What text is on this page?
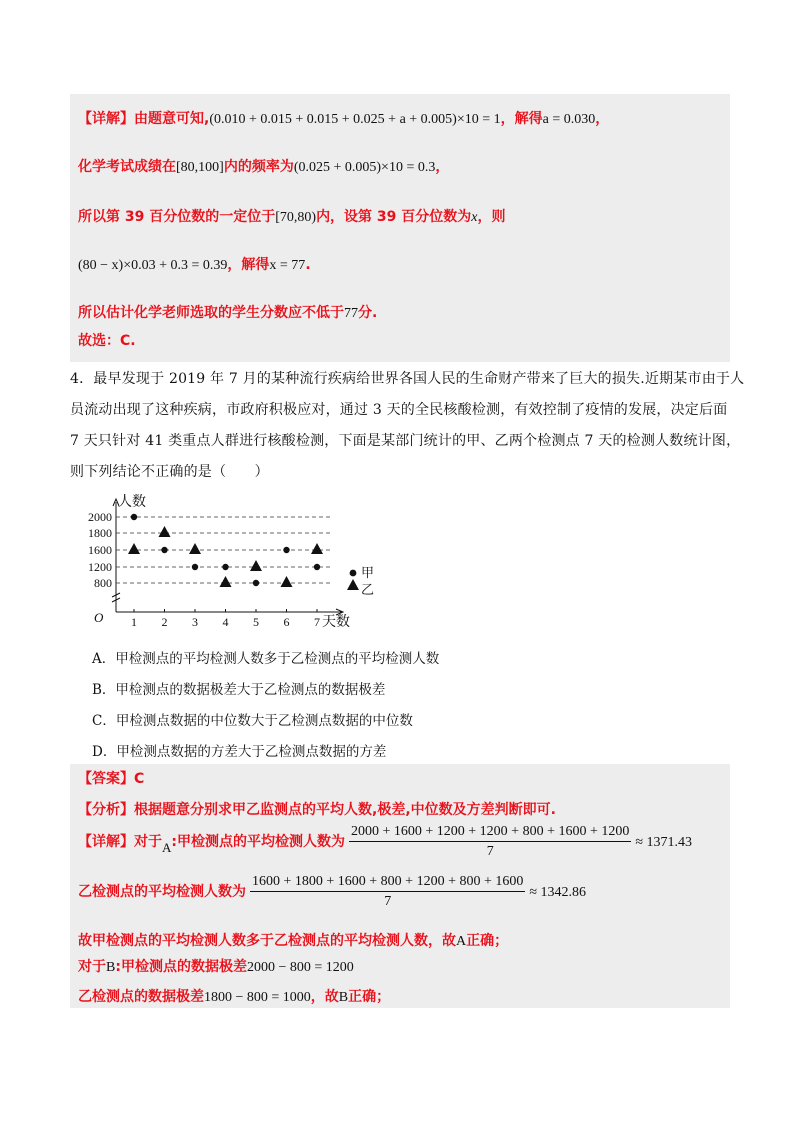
【详解】由题意可知,(0.010 + 0.015 + 0.015 + 0.025 + a + 0.005)×10 = 1，解得a = 0.030，
化学考试成绩在[80,100]内的频率为(0.025 + 0.005)×10 = 0.3，
所以第 39 百分位数的一定位于[70,80)内，设第 39 百分位数为x，则
(80 − x)×0.03 + 0.3 = 0.39，解得x = 77.
所以估计化学老师选取的学生分数应不低于77分.
故选：C.
4．最早发现于 2019 年 7 月的某种流行疾病给世界各国人民的生命财产带来了巨大的损失.近期某市由于人
员流动出现了这种疾病，市政府积极应对，通过 3 天的全民核酸检测，有效控制了疫情的发展，决定后面
7 天只针对 41 类重点人群进行核酸检测，下面是某部门统计的甲、乙两个检测点 7 天的检测人数统计图，
则下列结论不正确的是（　　）
800
1200
1600
1800
2000
1 2 3 4 5 6 7
人数
天数
O
甲
乙
A．甲检测点的平均检测人数多于乙检测点的平均检测人数
B．甲检测点的数据极差大于乙检测点的数据极差
C．甲检测点数据的中位数大于乙检测点数据的中位数
D．甲检测点数据的方差大于乙检测点数据的方差
【答案】C
【分析】根据题意分别求甲乙监测点的平均人数,极差,中位数及方差判断即可.
【详解】对于A:甲检测点的平均检测人数为 $\frac{2000 + 1600 + 1200 + 1200 + 800 + 1600 + 1200}{7} \approx 1371.43$
乙检测点的平均检测人数为 $\frac{1600 + 1800 + 1600 + 800 + 1200 + 800 + 1600}{7} \approx 1342.86$
故甲检测点的平均检测人数多于乙检测点的平均检测人数，故A正确；
对于B:甲检测点的数据极差2000 − 800 = 1200
乙检测点的数据极差1800 − 800 = 1000，故B正确；
